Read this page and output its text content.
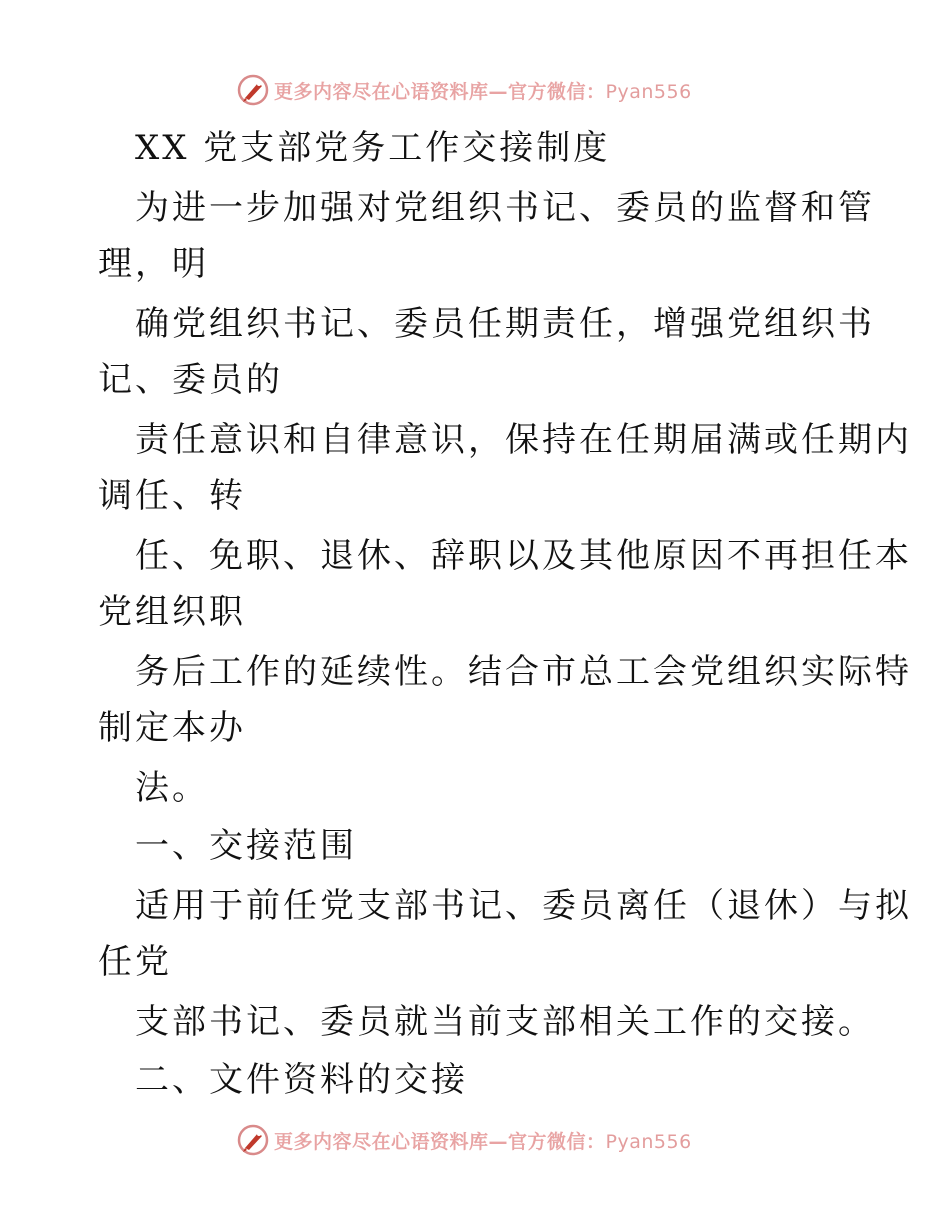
更多内容尽在心语资料库—官方微信：Pyan556
XX 党支部党务工作交接制度
为进一步加强对党组织书记、委员的监督和管
理，明
确党组织书记、委员任期责任，增强党组织书
记、委员的
责任意识和自律意识，保持在任期届满或任期内
调任、转
任、免职、退休、辞职以及其他原因不再担任本
党组织职
务后工作的延续性。结合市总工会党组织实际特
制定本办
法。
一、交接范围
适用于前任党支部书记、委员离任（退休）与拟
任党
支部书记、委员就当前支部相关工作的交接。
二、文件资料的交接
更多内容尽在心语资料库—官方微信：Pyan556
